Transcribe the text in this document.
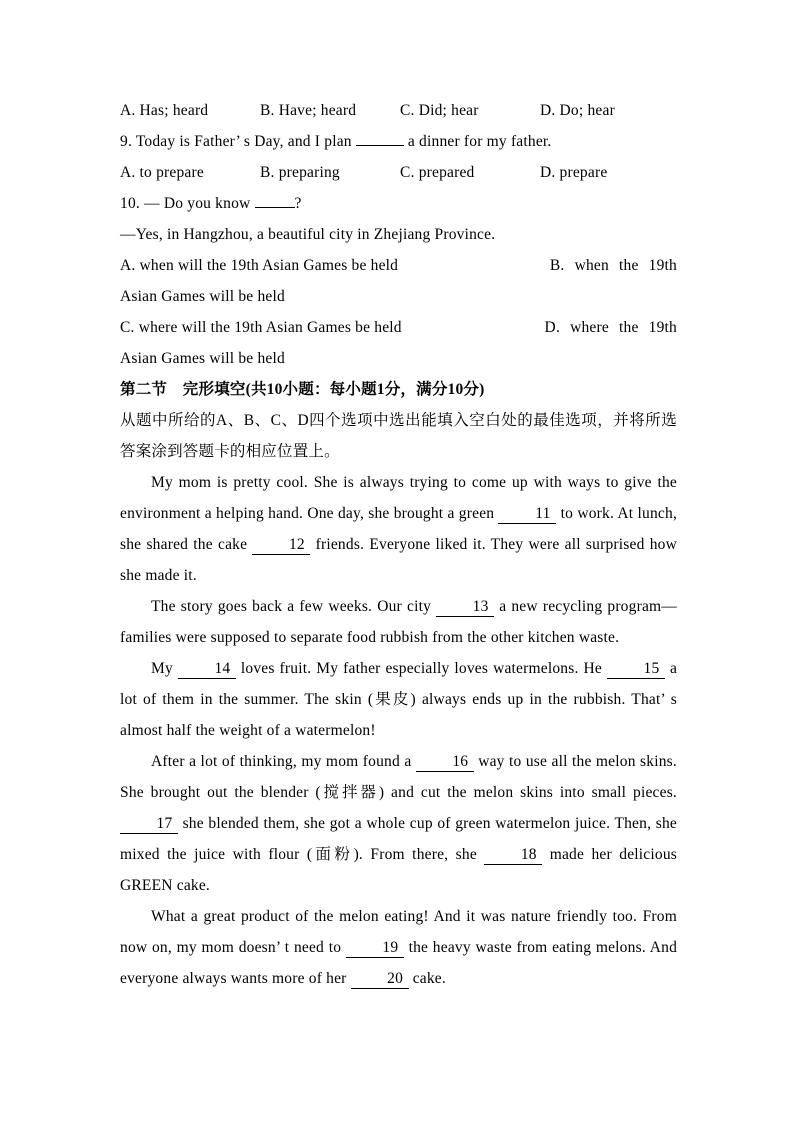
A. Has; heard	B. Have; heard	C. Did; hear	D. Do; hear
9. Today is Father’ s Day, and I plan	a dinner for my father.
A. to prepare	B. preparing	C. prepared	D. prepare
10. — Do you know	?
—Yes, in Hangzhou, a beautiful city in Zhejiang Province.
A. when will the 19th Asian Games be held	B. when the 19th
Asian Games will be held
C. where will the 19th Asian Games be held	D. where the 19th
Asian Games will be held
第二节　完形填空(共10小题：每小题1分，满分10分)

从题中所给的A、B、C、D四个选项中选出能填入空白处的最佳选项，并将所选答案涂到答题卡的相应位置上。

My mom is pretty cool. She is always trying to come up with ways to give the environment a helping hand. One day, she brought a green	11 to work. At lunch, she shared the cake	12 friends. Everyone liked it. They were all surprised how she made it.

The story goes back a few weeks. Our city	13 a new recycling program—families were supposed to separate food rubbish from the other kitchen waste.

My	14 loves fruit. My father especially loves watermelons. He	15 a lot of them in the summer. The skin (果皮) always ends up in the rubbish. That’ s almost half the weight of a watermelon!

After a lot of thinking, my mom found a	16 way to use all the melon skins. She brought out the blender (搅拌器) and cut the melon skins into small pieces. 17 she blended them, she got a whole cup of green watermelon juice. Then, she mixed the juice with flour (面粉). From there, she	18 made her delicious GREEN cake.

What a great product of the melon eating! And it was nature friendly too. From now on, my mom doesn’ t need to	19 the heavy waste from eating melons. And everyone always wants more of her	20 cake.
